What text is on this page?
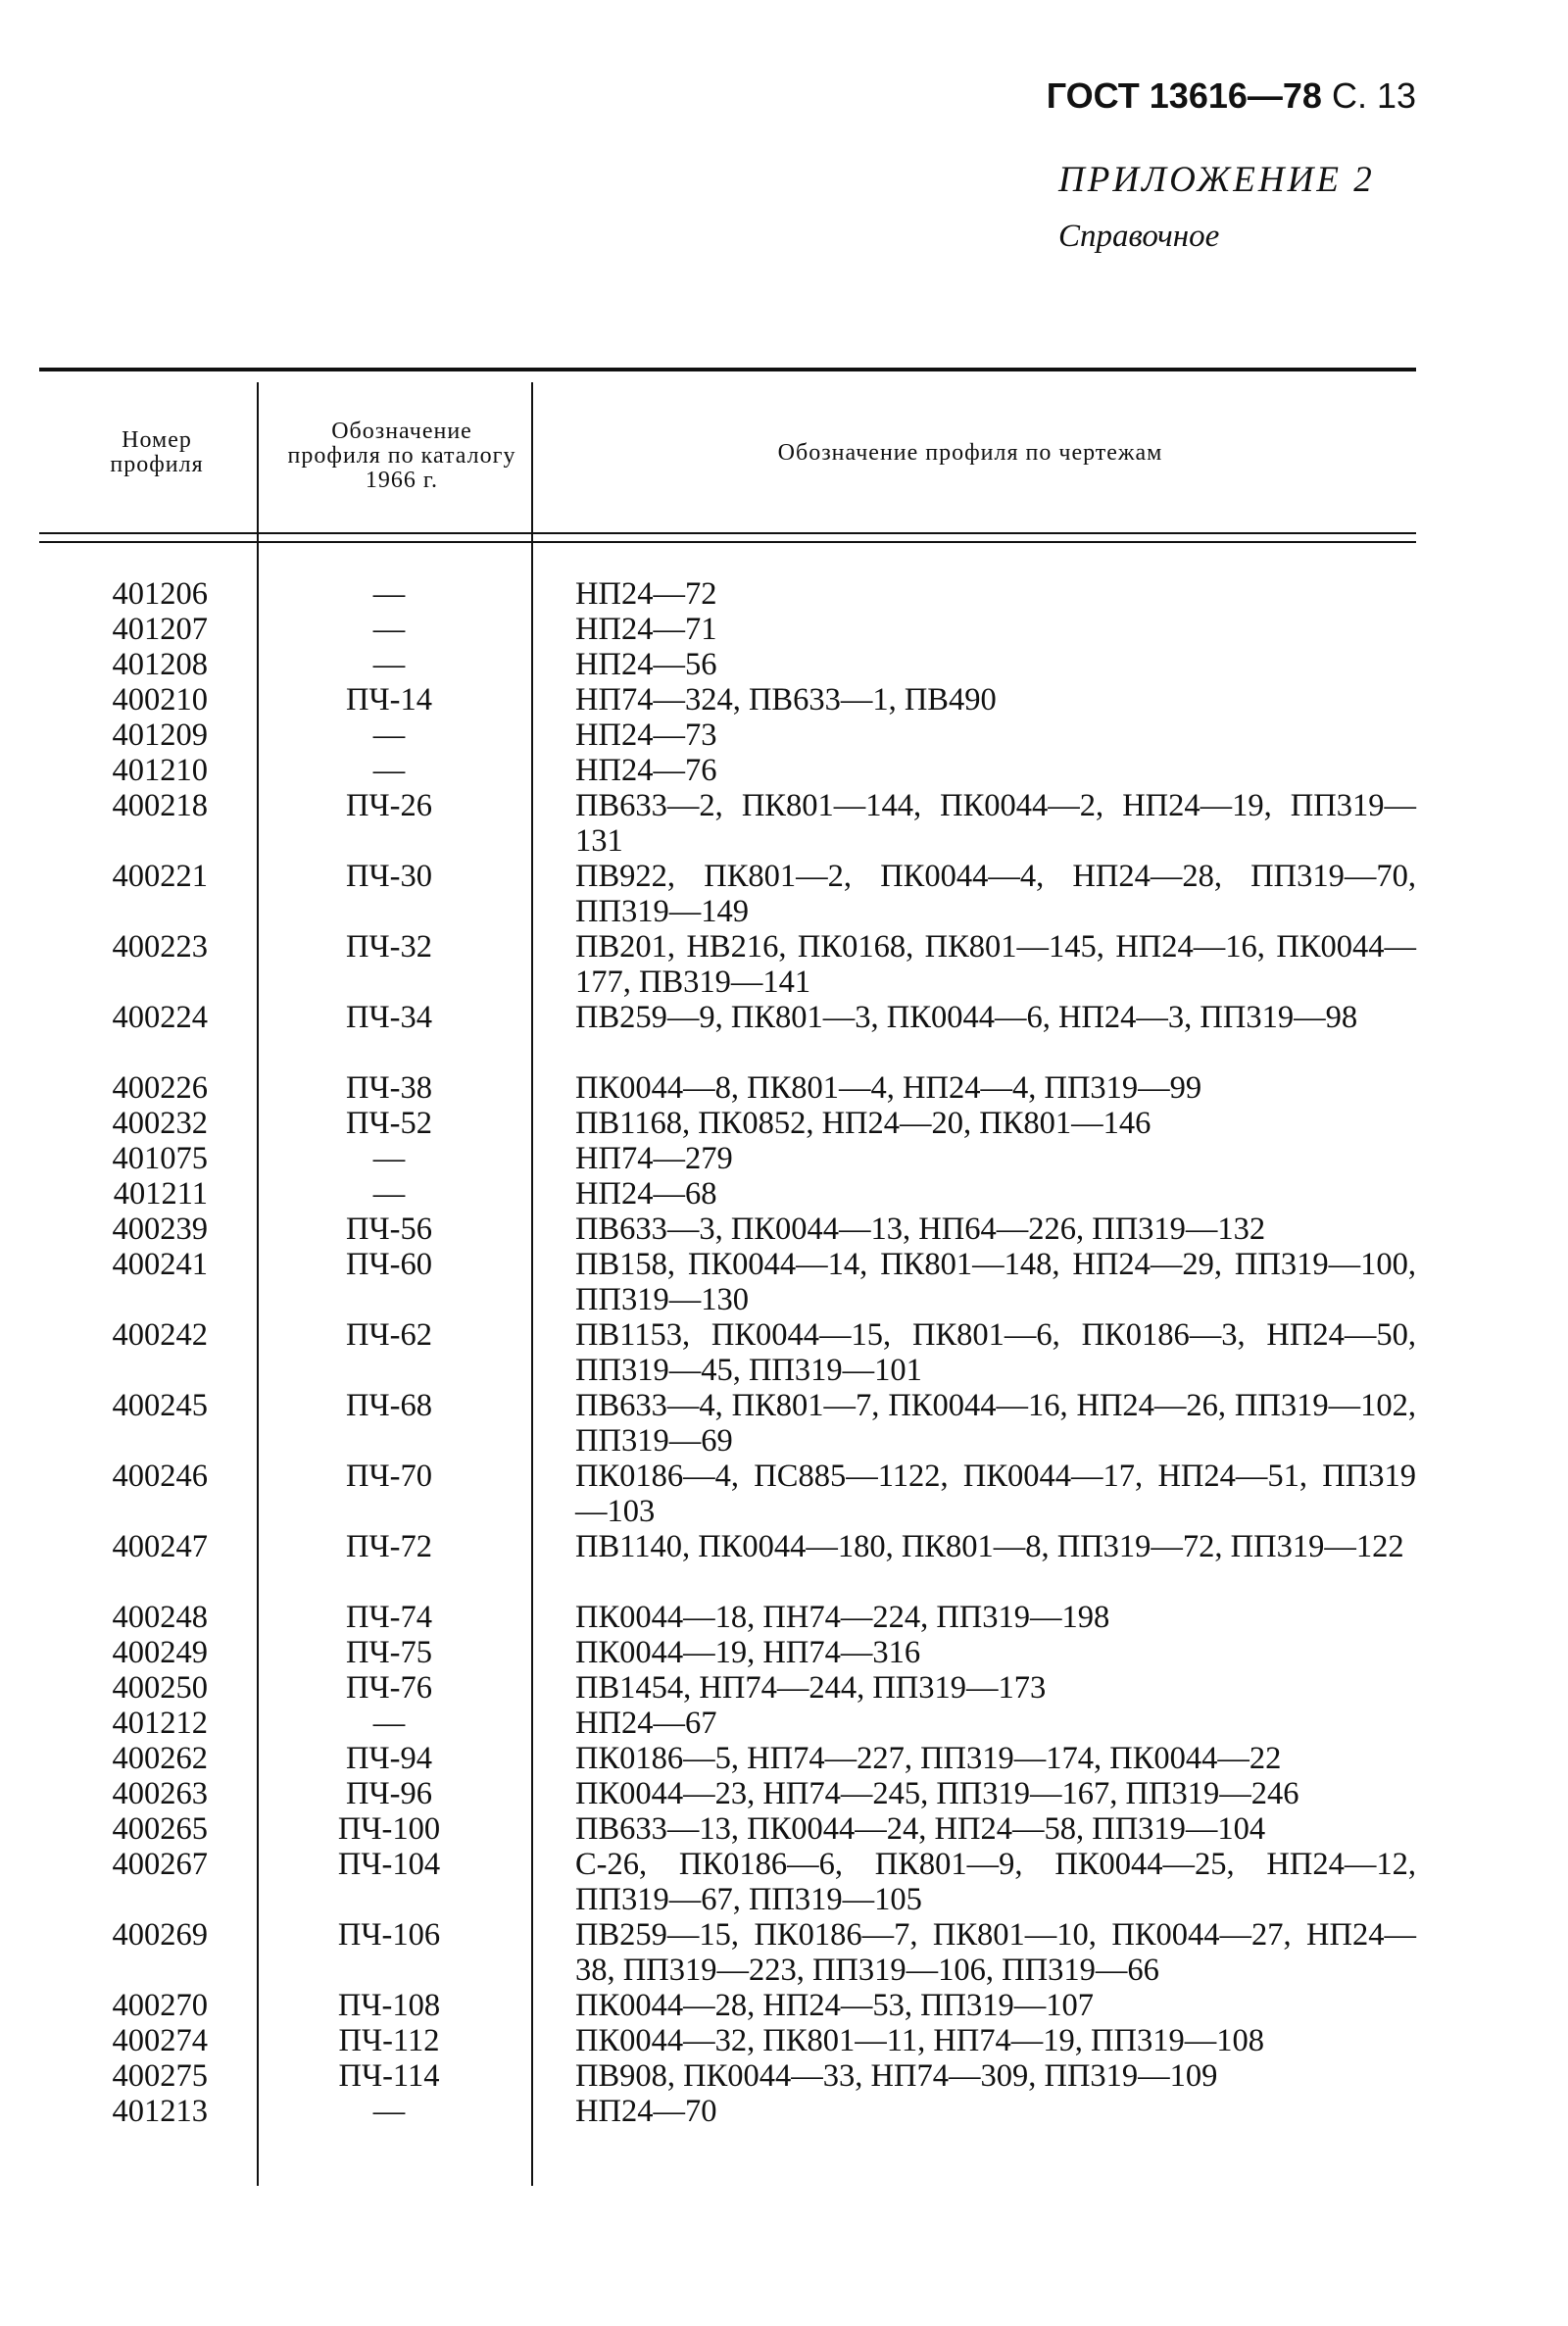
ГОСТ 13616—78 С. 13
ПРИЛОЖЕНИЕ 2
Справочное
Номер профиля
Обозначение профиля по каталогу 1966 г.
Обозначение профиля по чертежам
401206	—	НП24—72
401207	—	НП24—71
401208	—	НП24—56
400210	ПЧ-14	НП74—324, ПВ633—1, ПВ490
401209	—	НП24—73
401210	—	НП24—76
400218	ПЧ-26	ПВ633—2, ПК801—144, ПК0044—2, НП24—19, ПП319—131
400221	ПЧ-30	ПВ922, ПК801—2, ПК0044—4, НП24—28, ПП319—70, ПП319—149
400223	ПЧ-32	ПВ201, НВ216, ПК0168, ПК801—145, НП24—16, ПК0044—177, ПВ319—141
400224	ПЧ-34	ПВ259—9, ПК801—3, ПК0044—6, НП24—3, ПП319—98
400226	ПЧ-38	ПК0044—8, ПК801—4, НП24—4, ПП319—99
400232	ПЧ-52	ПВ1168, ПК0852, НП24—20, ПК801—146
401075	—	НП74—279
401211	—	НП24—68
400239	ПЧ-56	ПВ633—3, ПК0044—13, НП64—226, ПП319—132
400241	ПЧ-60	ПВ158, ПК0044—14, ПК801—148, НП24—29, ПП319—100, ПП319—130
400242	ПЧ-62	ПВ1153, ПК0044—15, ПК801—6, ПК0186—3, НП24—50, ПП319—45, ПП319—101
400245	ПЧ-68	ПВ633—4, ПК801—7, ПК0044—16, НП24—26, ПП319—102, ПП319—69
400246	ПЧ-70	ПК0186—4, ПС885—1122, ПК0044—17, НП24—51, ПП319—103
400247	ПЧ-72	ПВ1140, ПК0044—180, ПК801—8, ПП319—72, ПП319—122
400248	ПЧ-74	ПК0044—18, ПН74—224, ПП319—198
400249	ПЧ-75	ПК0044—19, НП74—316
400250	ПЧ-76	ПВ1454, НП74—244, ПП319—173
401212	—	НП24—67
400262	ПЧ-94	ПК0186—5, НП74—227, ПП319—174, ПК0044—22
400263	ПЧ-96	ПК0044—23, НП74—245, ПП319—167, ПП319—246
400265	ПЧ-100	ПВ633—13, ПК0044—24, НП24—58, ПП319—104
400267	ПЧ-104	С-26, ПК0186—6, ПК801—9, ПК0044—25, НП24—12, ПП319—67, ПП319—105
400269	ПЧ-106	ПВ259—15, ПК0186—7, ПК801—10, ПК0044—27, НП24—38, ПП319—223, ПП319—106, ПП319—66
400270	ПЧ-108	ПК0044—28, НП24—53, ПП319—107
400274	ПЧ-112	ПК0044—32, ПК801—11, НП74—19, ПП319—108
400275	ПЧ-114	ПВ908, ПК0044—33, НП74—309, ПП319—109
401213	—	НП24—70
